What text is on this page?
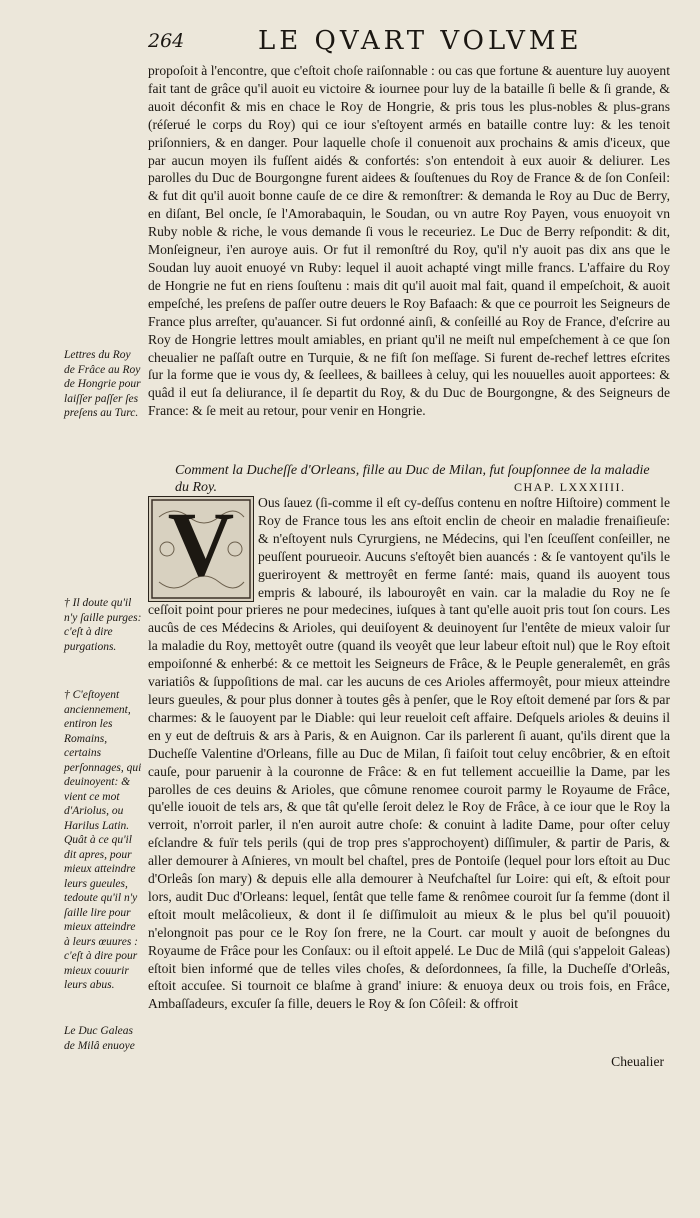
264	LE QVART VOLVME

propoſoit à l'encontre, que c'eſtoit choſe raiſonnable : ou cas que fortune & auenture luy auoyent fait tant de grâce qu'il auoit eu victoire & iournee pour luy de la bataille ſi belle & ſi grande, & auoit déconfit & mis en chace le Roy de Hongrie, & pris tous les plus-nobles & plus-grans (réſerué le corps du Roy) qui ce iour s'eſtoyent armés en bataille contre luy: & les tenoit priſonniers, & en danger. Pour laquelle choſe il conuenoit aux prochains & amis d'iceux, que par aucun moyen ils fuſſent aidés & confortés: s'on entendoit à eux auoir & deliurer. Les parolles du Duc de Bourgongne furent aidees & ſouſtenues du Roy de France & de ſon Conſeil: & fut dit qu'il auoit bonne cauſe de ce dire & remonſtrer: & demanda le Roy au Duc de Berry, en diſant, Bel oncle, ſe l'Amorabaquin, le Soudan, ou vn autre Roy Payen, vous enuoyoit vn Ruby noble & riche, le vous demande ſi vous le receuriez. Le Duc de Berry reſpondit: & dit, Monſeigneur, i'en auroye auis. Or fut il remonſtré du Roy, qu'il n'y auoit pas dix ans que le Soudan luy auoit enuoyé vn Ruby: lequel il auoit achapté vingt mille francs. L'affaire du Roy de Hongrie ne fut en riens ſouſtenu : mais dit qu'il auoit mal fait, quand il empeſchoit, & auoit empeſché, les preſens de paſſer outre deuers le Roy Bafaach: & que ce pourroit les Seigneurs de France plus arreſter, qu'auancer. Si fut ordonné ainſi, & conſeillé au Roy de France, d'eſcrire au Roy de Hongrie lettres moult amiables, en priant qu'il ne meiſt nul empeſchement à ce que ſon cheualier ne paſſaſt outre en Turquie, & ne fiſt ſon meſſage. Si furent de-rechef lettres eſcrites ſur la forme que ie vous dy, & ſeellees, & baillees à celuy, qui les nouuelles auoit apportees: & quâd il eut ſa deliurance, il ſe departit du Roy, & du Duc de Bourgongne, & des Seigneurs de France: & ſe meit au retour, pour venir en Hongrie.

Lettres du Roy de Frâce au Roy de Hongrie pour laiſſer paſſer ſes preſens au Turc.
Comment la Ducheſſe d'Orleans, fille au Duc de Milan, fut ſoupſonnee de la maladie du Roy.	CHAP. LXXXIIII.

Ous ſauez (ſi-comme il eſt cy-deſſus contenu en noſtre Hiſtoire) comment le Roy de France tous les ans eſtoit enclin de cheoir en maladie frenaiſieuſe: & n'eſtoyent nuls Cyrurgiens, ne Médecins, qui l'en ſceuſſent conſeiller, ne peuſſent pourueoir. Aucuns s'eſtoyêt bien auancés : & ſe vantoyent qu'ils le gueriroyent & mettroyêt en ferme ſanté: mais, quand ils auoyent tous empris & labouré, ils labouroyêt en vain. car la maladie du Roy ne ſe ceſſoit point pour prieres ne pour medecines, iuſques à tant qu'elle auoit pris tout ſon cours. Les aucûs de ces Médecins & Arioles, qui deuiſoyent & deuinoyent ſur l'entête de mieux valoir ſur la maladie du Roy, mettoyêt outre (quand ils veoyêt que leur labeur eſtoit nul) que le Roy eſtoit empoiſonné & enherbé: & ce mettoit les Seigneurs de Frâce, & le Peuple generalemêt, en grâs variatiôs & ſuppoſitions de mal. car les aucuns de ces Arioles affermoyêt, pour mieux atteindre leurs gueules, & pour plus donner à toutes gês à penſer, que le Roy eſtoit demené par ſors & par charmes: & le ſauoyent par le Diable: qui leur reueloit ceſt affaire. Deſquels arioles & deuins il en y eut de deſtruis & ars à Paris, & en Auignon. Car ils parlerent ſi auant, qu'ils dirent que la Ducheſſe Valentine d'Orleans, fille au Duc de Milan, ſi faiſoit tout celuy encôbrier, & en eſtoit cauſe, pour paruenir à la couronne de Frâce: & en fut tellement accueillie la Dame, par les parolles de ces deuins & Arioles, que cômune renomee couroit parmy le Royaume de Frâce, qu'elle iouoit de tels ars, & que tât qu'elle ſeroit delez le Roy de Frâce, à ce iour que le Roy la verroit, n'orroit parler, il n'en auroit autre choſe: & conuint à ladite Dame, pour oſter celuy eſclandre & fuïr tels perils (qui de trop pres s'approchoyent) diſſimuler, & partir de Paris, & aller demourer à Aſnieres, vn moult bel chaſtel, pres de Pontoiſe (lequel pour lors eſtoit au Duc d'Orleâs ſon mary) & depuis elle alla demourer à Neufchaſtel ſur Loire: qui eſt, & eſtoit pour lors, audit Duc d'Orleans: lequel, ſentât que telle fame & renômee couroit ſur ſa femme (dont il eſtoit moult melâcolieux, & dont il ſe diſſimuloit au mieux & le plus bel qu'il pouuoit) n'elongnoit pas pour ce le Roy ſon frere, ne la Court. car moult y auoit de beſongnes du Royaume de Frâce pour les Conſaux: ou il eſtoit appelé. Le Duc de Milâ (qui s'appeloit Galeas) eſtoit bien informé que de telles viles choſes, & deſordonnees, ſa fille, la Ducheſſe d'Orleâs, eſtoit accuſee. Si tournoit ce blaſme à grand' iniure: & enuoya deux ou trois fois, en Frâce, Ambaſſadeurs, excuſer ſa fille, deuers le Roy & ſon Côſeil: & offroit

V
† Il doute qu'il n'y ſaille purges: c'eſt à dire purgations.
† C'eſtoyent anciennement, entiron les Romains, certains perſonnages, qui deuinoyent: & vient ce mot d'Ariolus, ou Harilus Latin. Quât à ce qu'il dit apres, pour mieux atteindre leurs gueules, tedoute qu'il n'y ſaille lire pour mieux atteindre à leurs œuures : c'eſt à dire pour mieux couurir leurs abus.
Le Duc Galeas de Milâ enuoye
Cheualier
